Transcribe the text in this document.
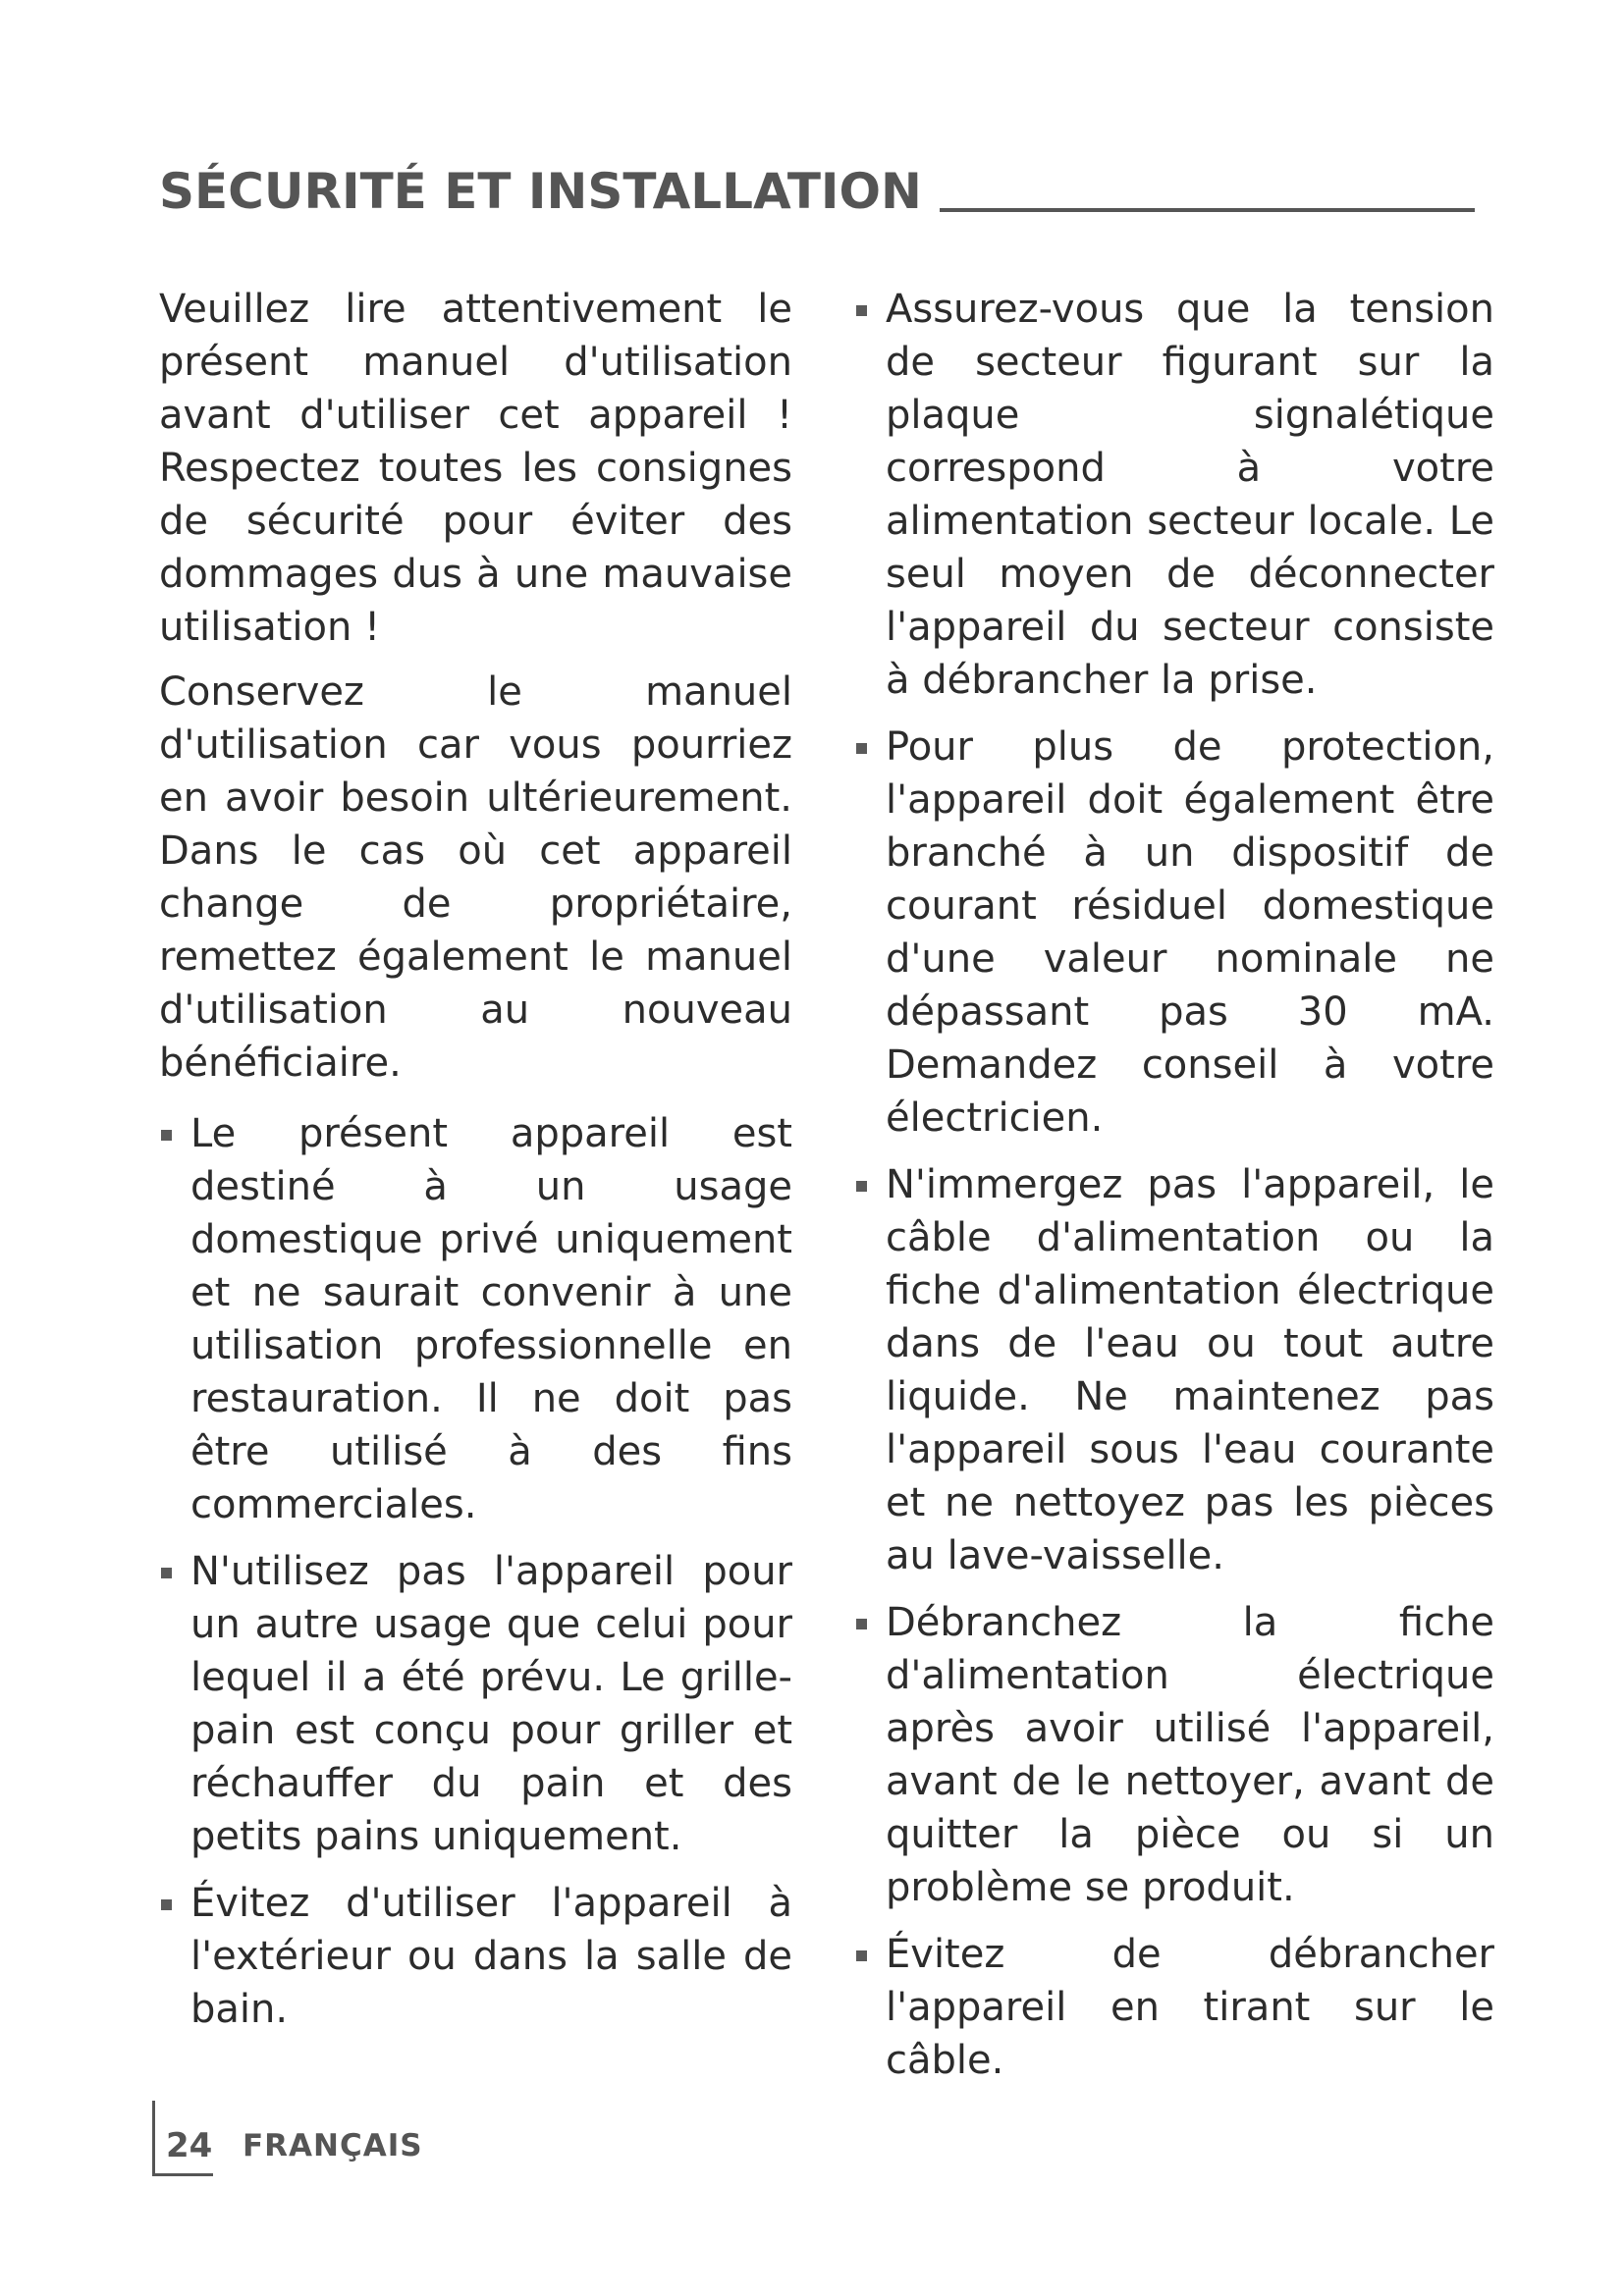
SÉCURITÉ ET INSTALLATION

Veuillez lire attentivement le présent manuel d'utilisation avant d'utiliser cet appareil ! Respectez toutes les consignes de sécurité pour éviter des dommages dus à une mauvaise utilisation !

Conservez le manuel d'utilisation car vous pourriez en avoir besoin ultérieurement. Dans le cas où cet appareil change de propriétaire, remettez également le manuel d'utilisation au nouveau bénéficiaire.

Le présent appareil est destiné à un usage domestique privé uniquement et ne saurait convenir à une utilisation professionnelle en restauration. Il ne doit pas être utilisé à des fins commerciales.
N'utilisez pas l'appareil pour un autre usage que celui pour lequel il a été prévu. Le grille-pain est conçu pour griller et réchauffer du pain et des petits pains uniquement.
Évitez d'utiliser l'appareil à l'extérieur ou dans la salle de bain.
Assurez-vous que la tension de secteur figurant sur la plaque signalétique correspond à votre alimentation secteur locale. Le seul moyen de déconnecter l'appareil du secteur consiste à débrancher la prise.
Pour plus de protection, l'appareil doit également être branché à un dispositif de courant résiduel domestique d'une valeur nominale ne dépassant pas 30 mA. Demandez conseil à votre électricien.
N'immergez pas l'appareil, le câble d'alimentation ou la fiche d'alimentation électrique dans de l'eau ou tout autre liquide. Ne maintenez pas l'appareil sous l'eau courante et ne nettoyez pas les pièces au lave-vaisselle.
Débranchez la fiche d'alimentation électrique après avoir utilisé l'appareil, avant de le nettoyer, avant de quitter la pièce ou si un problème se produit.
Évitez de débrancher l'appareil en tirant sur le câble.
24 FRANÇAIS
